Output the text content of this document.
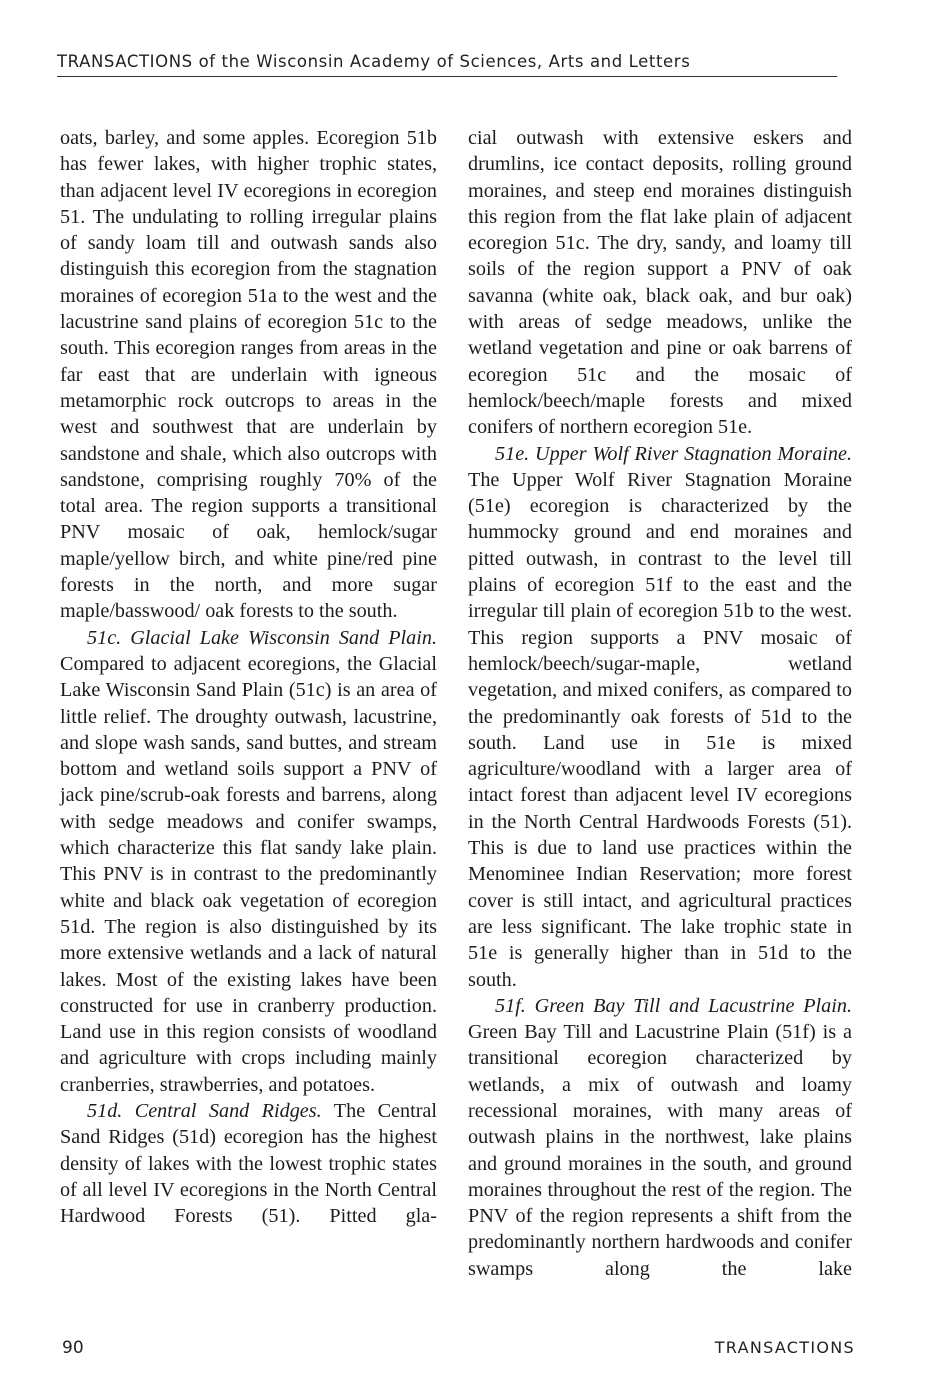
TRANSACTIONS of the Wisconsin Academy of Sciences, Arts and Letters

oats, barley, and some apples. Ecoregion 51b has fewer lakes, with higher trophic states, than adjacent level IV ecoregions in ecoregion 51. The undulating to rolling irregular plains of sandy loam till and outwash sands also distinguish this ecoregion from the stagnation moraines of ecoregion 51a to the west and the lacustrine sand plains of ecoregion 51c to the south. This ecoregion ranges from areas in the far east that are underlain with igneous metamorphic rock outcrops to areas in the west and southwest that are underlain by sandstone and shale, which also outcrops with sandstone, comprising roughly 70% of the total area. The region supports a transitional PNV mosaic of oak, hemlock/sugar maple/yellow birch, and white pine/red pine forests in the north, and more sugar maple/basswood/ oak forests to the south.

51c. Glacial Lake Wisconsin Sand Plain. Compared to adjacent ecoregions, the Glacial Lake Wisconsin Sand Plain (51c) is an area of little relief. The droughty outwash, lacustrine, and slope wash sands, sand buttes, and stream bottom and wetland soils support a PNV of jack pine/scrub-oak forests and barrens, along with sedge meadows and conifer swamps, which characterize this flat sandy lake plain. This PNV is in contrast to the predominantly white and black oak vegetation of ecoregion 51d. The region is also distinguished by its more extensive wetlands and a lack of natural lakes. Most of the existing lakes have been constructed for use in cranberry production. Land use in this region consists of woodland and agriculture with crops including mainly cranberries, strawberries, and potatoes.

51d. Central Sand Ridges. The Central Sand Ridges (51d) ecoregion has the highest density of lakes with the lowest trophic states of all level IV ecoregions in the North Central Hardwood Forests (51). Pitted gla-

cial outwash with extensive eskers and drumlins, ice contact deposits, rolling ground moraines, and steep end moraines distinguish this region from the flat lake plain of adjacent ecoregion 51c. The dry, sandy, and loamy till soils of the region support a PNV of oak savanna (white oak, black oak, and bur oak) with areas of sedge meadows, unlike the wetland vegetation and pine or oak barrens of ecoregion 51c and the mosaic of hemlock/beech/maple forests and mixed conifers of northern ecoregion 51e.

51e. Upper Wolf River Stagnation Moraine. The Upper Wolf River Stagnation Moraine (51e) ecoregion is characterized by the hummocky ground and end moraines and pitted outwash, in contrast to the level till plains of ecoregion 51f to the east and the irregular till plain of ecoregion 51b to the west. This region supports a PNV mosaic of hemlock/beech/sugar-maple, wetland vegetation, and mixed conifers, as compared to the predominantly oak forests of 51d to the south. Land use in 51e is mixed agriculture/woodland with a larger area of intact forest than adjacent level IV ecoregions in the North Central Hardwoods Forests (51). This is due to land use practices within the Menominee Indian Reservation; more forest cover is still intact, and agricultural practices are less significant. The lake trophic state in 51e is generally higher than in 51d to the south.

51f. Green Bay Till and Lacustrine Plain. Green Bay Till and Lacustrine Plain (51f) is a transitional ecoregion characterized by wetlands, a mix of outwash and loamy recessional moraines, with many areas of outwash plains in the northwest, lake plains and ground moraines in the south, and ground moraines throughout the rest of the region. The PNV of the region represents a shift from the predominantly northern hardwoods and conifer swamps along the lake

90	TRANSACTIONS
